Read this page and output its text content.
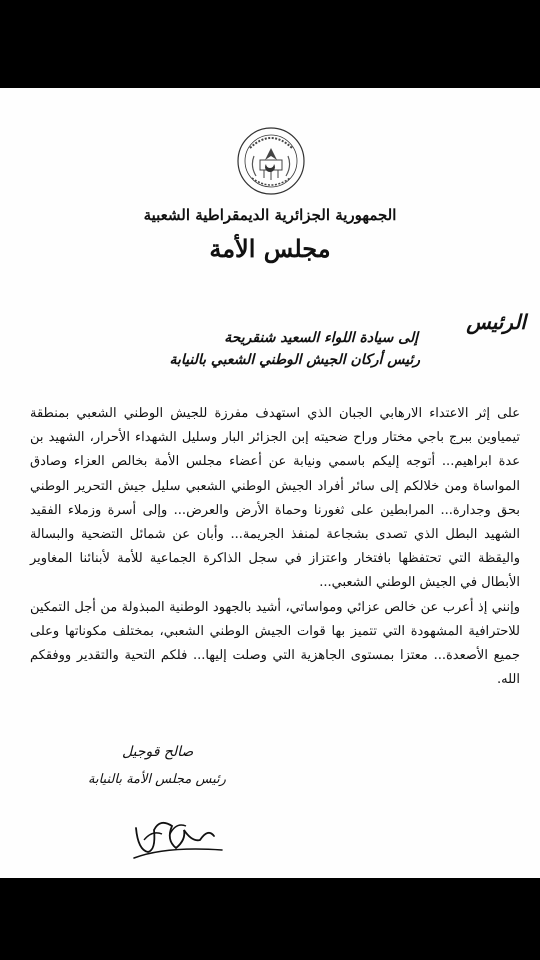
الجمهورية الجزائرية الديمقراطية الشعبية
مجلس الأمة
الرئيس
إلى سيادة اللواء السعيد شنقريحة
رئيس أركان الجيش الوطني الشعبي بالنيابة

على إثر الاعتداء الارهابي الجبان الذي استهدف مفرزة للجيش الوطني الشعبي بمنطقة تيمياوين ببرج باجي مختار وراح ضحيته إبن الجزائر البار وسليل الشهداء الأحرار، الشهيد بن عدة ابراهيم... أتوجه إليكم باسمي ونيابة عن أعضاء مجلس الأمة بخالص العزاء وصادق المواساة ومن خلالكم إلى سائر أفراد الجيش الوطني الشعبي سليل جيش التحرير الوطني بحق وجدارة... المرابطين على ثغورنا وحماة الأرض والعرض... وإلى أسرة وزملاء الفقيد الشهيد البطل الذي تصدى بشجاعة لمنفذ الجريمة... وأبان عن شمائل التضحية والبسالة واليقظة التي تحتفظها بافتخار واعتزاز في سجل الذاكرة الجماعية للأمة لأبنائنا المغاوير الأبطال في الجيش الوطني الشعبي...

وإنني إذ أعرب عن خالص عزائي ومواساتي، أشيد بالجهود الوطنية المبذولة من أجل التمكين للاحترافية المشهودة التي تتميز بها قوات الجيش الوطني الشعبي، بمختلف مكوناتها وعلى جميع الأصعدة... معتزا بمستوى الجاهزية التي وصلت إليها... فلكم التحية والتقدير ووفقكم الله.

صالح قوجيل
رئيس مجلس الأمة بالنيابة
